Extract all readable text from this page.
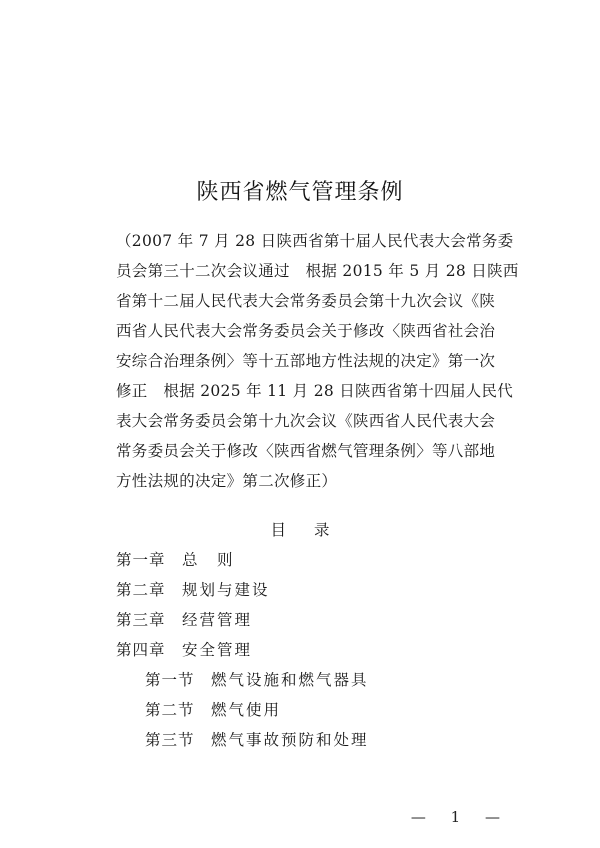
陕西省燃气管理条例
（2007 年 7 月 28 日陕西省第十届人民代表大会常务委
员会第三十二次会议通过　根据 2015 年 5 月 28 日陕西
省第十二届人民代表大会常务委员会第十九次会议《陕
西省人民代表大会常务委员会关于修改〈陕西省社会治
安综合治理条例〉等十五部地方性法规的决定》第一次
修正　根据 2025 年 11 月 28 日陕西省第十四届人民代
表大会常务委员会第十九次会议《陕西省人民代表大会
常务委员会关于修改〈陕西省燃气管理条例〉等八部地
方性法规的决定》第二次修正）
目录
第一章 总　则
第二章 规划与建设
第三章 经营管理
第四章 安全管理
第一节 燃气设施和燃气器具
第二节 燃气使用
第三节 燃气事故预防和处理
— 1 —
